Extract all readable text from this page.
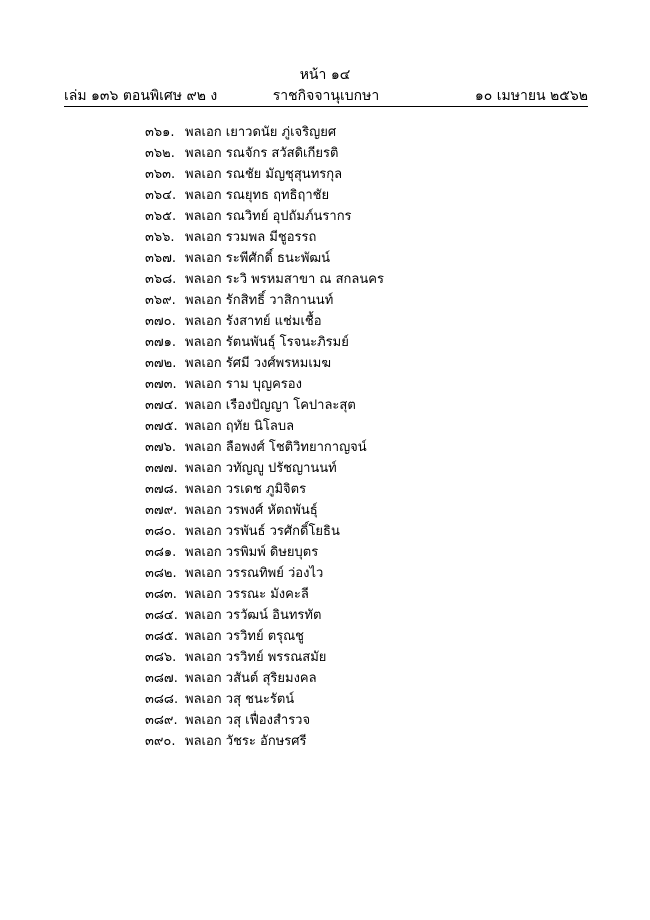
หน้า ๑๔
ราชกิจจานุเบกษา
เล่ม ๑๓๖ ตอนพิเศษ ๙๒ ง	๑๐ เมษายน ๒๕๖๒
๓๖๑. พลเอก เยาวดนัย ภู่เจริญยศ
๓๖๒. พลเอก รณจักร สวัสดิเกียรติ
๓๖๓. พลเอก รณชัย มัญชุสุนทรกุล
๓๖๔. พลเอก รณยุทธ ฤทธิฤาชัย
๓๖๕. พลเอก รณวิทย์ อุปถัมภ์นรากร
๓๖๖. พลเอก รวมพล มีชูอรรถ
๓๖๗. พลเอก ระพีศักดิ์ ธนะพัฒน์
๓๖๘. พลเอก ระวิ พรหมสาขา ณ สกลนคร
๓๖๙. พลเอก รักสิทธิ์ วาสิกานนท์
๓๗๐. พลเอก รังสาทย์ แช่มเชื้อ
๓๗๑. พลเอก รัตนพันธุ์ โรจนะภิรมย์
๓๗๒. พลเอก รัศมี วงศ์พรหมเมฆ
๓๗๓. พลเอก ราม บุญครอง
๓๗๔. พลเอก เรืองปัญญา โคปาละสุต
๓๗๕. พลเอก ฤทัย นิโลบล
๓๗๖. พลเอก ลือพงศ์ โชติวิทยากาญจน์
๓๗๗. พลเอก วทัญญู ปรัชญานนท์
๓๗๘. พลเอก วรเดช ภูมิจิตร
๓๗๙. พลเอก วรพงศ์ หัตถพันธุ์
๓๘๐. พลเอก วรพันธ์ วรศักดิ์โยธิน
๓๘๑. พลเอก วรพิมพ์ ดิษยบุตร
๓๘๒. พลเอก วรรณทิพย์ ว่องไว
๓๘๓. พลเอก วรรณะ มังคะลี
๓๘๔. พลเอก วรวัฒน์ อินทรทัต
๓๘๕. พลเอก วรวิทย์ ตรุณชู
๓๘๖. พลเอก วรวิทย์ พรรณสมัย
๓๘๗. พลเอก วสันต์ สุริยมงคล
๓๘๘. พลเอก วสุ ชนะรัตน์
๓๘๙. พลเอก วสุ เฟื่องสำรวจ
๓๙๐. พลเอก วัชระ อักษรศรี
